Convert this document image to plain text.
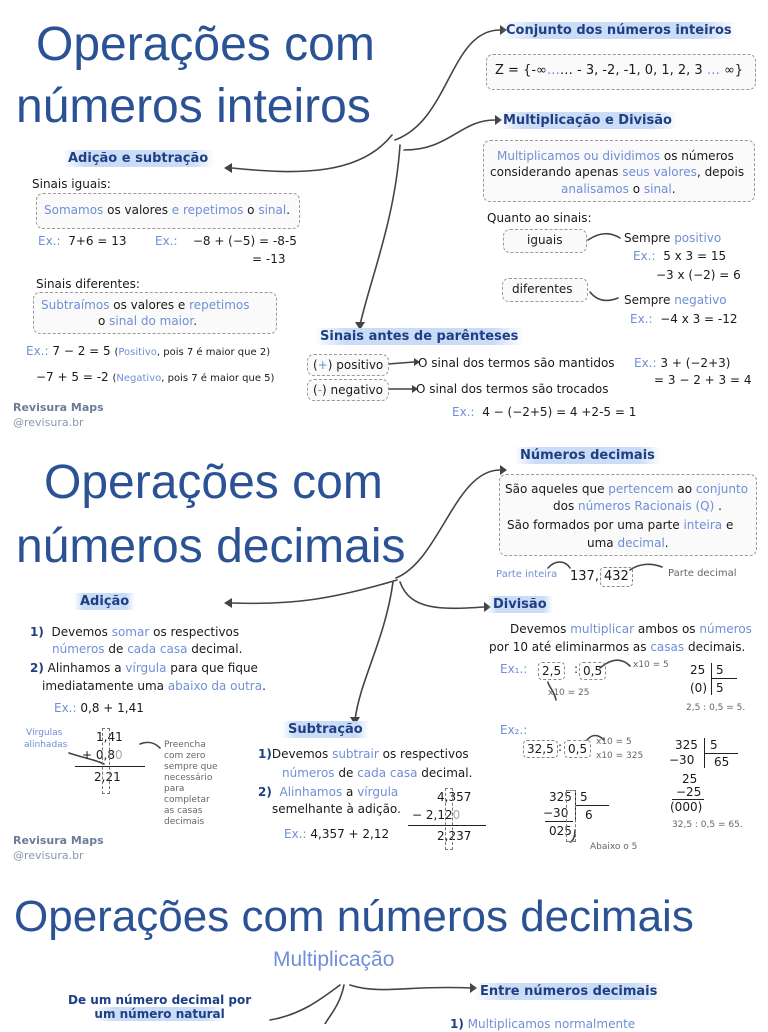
Operações com
números inteiros
Conjunto dos números inteiros
Z = {-∞…… - 3, -2, -1, 0, 1, 2, 3 … ∞}
Adição e subtração
Sinais iguais:
Somamos os valores e repetimos o sinal.
Ex.: 7+6 = 13 Ex.: −8 + (−5) = -8-5
= -13
Sinais diferentes:
Subtraímos os valores e repetimos
o sinal do maior.
Ex.: 7 − 2 = 5 (Positivo, pois 7 é maior que 2)
−7 + 5 = -2 (Negativo, pois 7 é maior que 5)
Revisura Maps
@revisura.br
Multiplicação e Divisão
Multiplicamos ou dividimos os números
considerando apenas seus valores, depois
analisamos o sinal.
Quanto ao sinais:
iguais	Sempre positivo
Ex.: 5 x 3 = 15
−3 x (−2) = 6
diferentes
Sempre negativo
Ex.: −4 x 3 = -12
Sinais antes de parênteses
(+) positivo	O sinal dos termos são mantidos
(-) negativo	O sinal dos termos são trocados
Ex.: 3 + (−2+3)
= 3 − 2 + 3 = 4
Ex.: 4 − (−2+5) = 4 +2-5 = 1
Operações com
números decimais
Números decimais
São aqueles que pertencem ao conjunto
dos números Racionais (Q) .
São formados por uma parte inteira e
uma decimal.
Parte inteira 137, 432	Parte decimal
Adição
1) Devemos somar os respectivos
números de cada casa decimal.
2) Alinhamos a vírgula para que fique
imediatamente uma abaixo da outra.
Ex.: 0,8 + 1,41
Vírgulas
alinhadas
1,41
+ 0,80
2,21
Preencha
com zero
sempre que
necessário
para
completar
as casas
decimais
Revisura Maps
@revisura.br
Subtração
1)Devemos subtrair os respectivos
números de cada casa decimal.
2) Alinhamos a vírgula
semelhante à adição.
Ex.: 4,357 + 2,12
4,357
− 2,120
2,237
Divisão
Devemos multiplicar ambos os números
por 10 até eliminarmos as casas decimais.
Ex₁.:	2,5	: 0,5	x10 = 5
x10 = 25
25 5
(0) 5
2,5 : 0,5 = 5.
Ex₂.:
32,5 : 0,5 x10 = 5
x10 = 325
325 5
−30 6
025
Abaixo o 5
325 5
−30 65
25
−25
(000)
32,5 : 0,5 = 65.
Operações com números decimais
Multiplicação
De um número decimal por
um número natural
Entre números decimais
1) Multiplicamos normalmente
